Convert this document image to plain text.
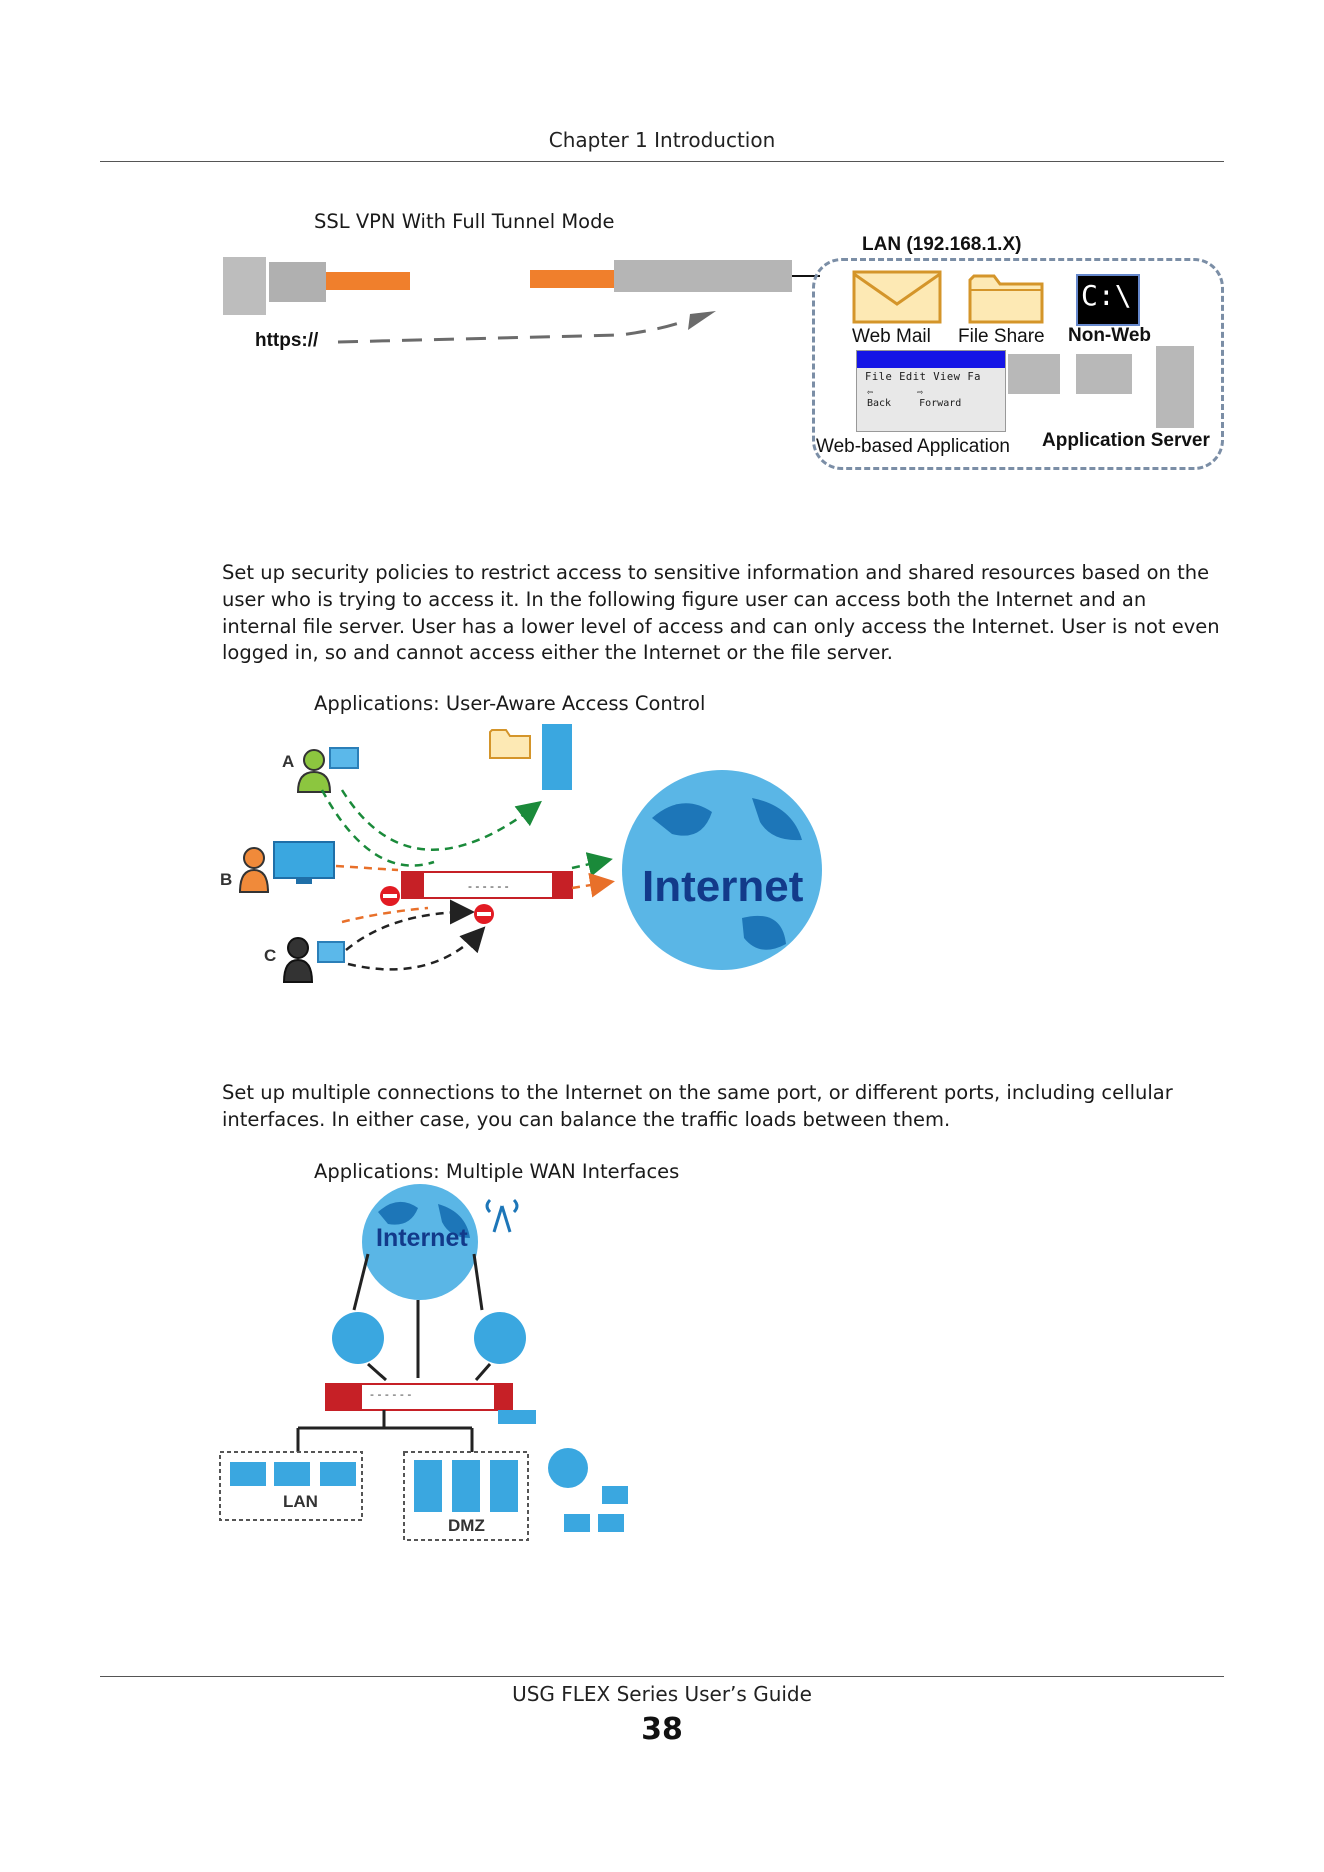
Chapter 1 Introduction
SSL VPN With Full Tunnel Mode
https://
LAN (192.168.1.X)
Web Mail File Share
C:\
Non-Web
File Edit View Fa
⇦	⇨
Back	Forward
Web-based Application Application Server

Set up security policies to restrict access to sensitive information and shared resources based on the user who is trying to access it. In the following figure user can access both the Internet and an internal file server. User has a lower level of access and can only access the Internet. User is not even logged in, so and cannot access either the Internet or the file server.

Applications: User-Aware Access Control
- - - - - -
A
B
C
Internet

Set up multiple connections to the Internet on the same port, or different ports, including cellular interfaces. In either case, you can balance the traffic loads between them.

Applications: Multiple WAN Interfaces
Internet
- - - - - -
LAN
DMZ
USG FLEX Series User’s Guide
38
